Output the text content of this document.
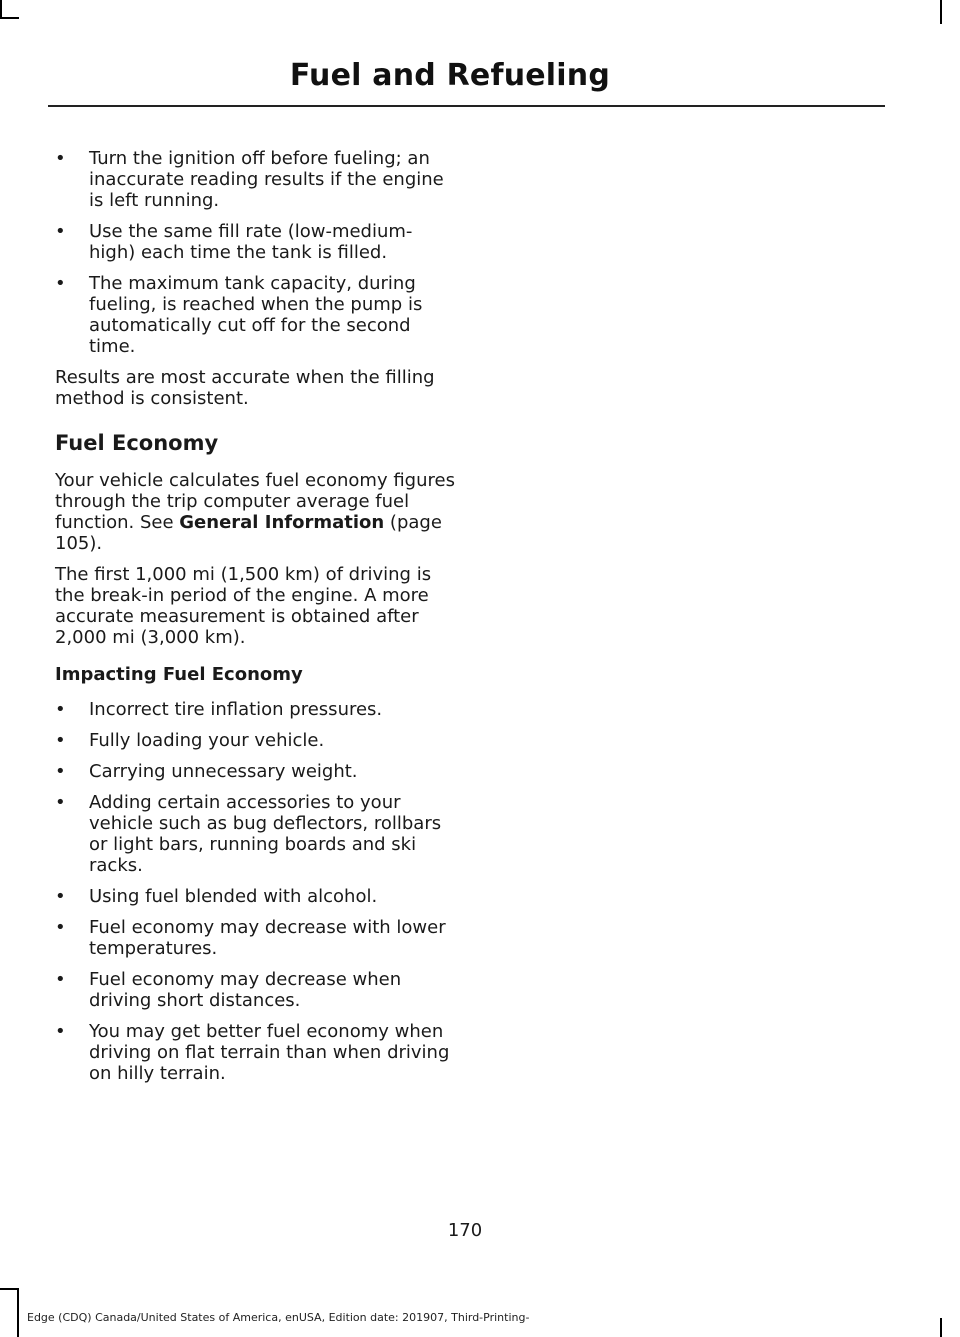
Fuel and Refueling
•	Turn the ignition off before fueling; an inaccurate reading results if the engine is left running.
•	Use the same fill rate (low-medium-high) each time the tank is filled.
•	The maximum tank capacity, during fueling, is reached when the pump is automatically cut off for the second time.

Results are most accurate when the filling method is consistent.

Fuel Economy

Your vehicle calculates fuel economy figures through the trip computer average fuel function. See General Information (page 105).

The first 1,000 mi (1,500 km) of driving is the break-in period of the engine. A more accurate measurement is obtained after 2,000 mi (3,000 km).

Impacting Fuel Economy
•	Incorrect tire inflation pressures.
•	Fully loading your vehicle.
•	Carrying unnecessary weight.
•	Adding certain accessories to your vehicle such as bug deflectors, rollbars or light bars, running boards and ski racks.
•	Using fuel blended with alcohol.
•	Fuel economy may decrease with lower temperatures.
•	Fuel economy may decrease when driving short distances.
•	You may get better fuel economy when driving on flat terrain than when driving on hilly terrain.
170
Edge (CDQ) Canada/United States of America, enUSA, Edition date: 201907, Third-Printing-
